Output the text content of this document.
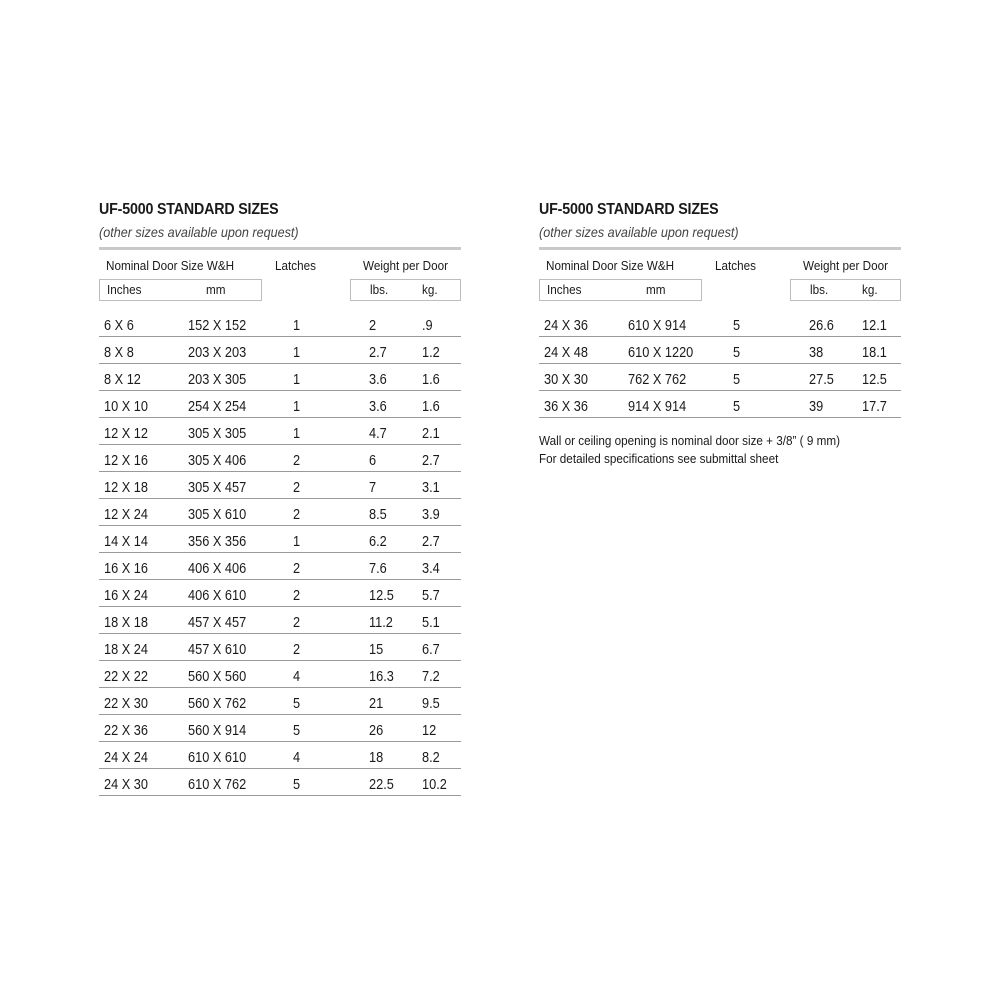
UF-5000 STANDARD SIZES
(other sizes available upon request)
Nominal Door Size W&H	Latches	Weight per Door
Inches	mm	lbs.	kg.
6 X 6	152 X 152	1	2	.9
8 X 8	203 X 203	1	2.7 1.2
8 X 12	203 X 305	1	3.6 1.6
10 X 10	254 X 254	1	3.6 1.6
12 X 12	305 X 305	1	4.7 2.1
12 X 16	305 X 406	2	6	2.7
12 X 18	305 X 457	2	7	3.1
12 X 24	305 X 610	2	8.5 3.9
14 X 14	356 X 356	1	6.2 2.7
16 X 16	406 X 406	2	7.6 3.4
16 X 24	406 X 610	2	12.5 5.7
18 X 18	457 X 457	2	11.2 5.1
18 X 24	457 X 610	2	15	6.7
22 X 22	560 X 560	4	16.3 7.2
22 X 30	560 X 762	5	21	9.5
22 X 36	560 X 914	5	26	12
24 X 24	610 X 610	4	18	8.2
24 X 30	610 X 762	5	22.5 10.2
UF-5000 STANDARD SIZES
(other sizes available upon request)
Nominal Door Size W&H	Latches	Weight per Door
Inches	mm	lbs.	kg.
24 X 36	610 X 914	5	26.6 12.1
24 X 48	610 X 1220	5	38	18.1
30 X 30	762 X 762	5	27.5 12.5
36 X 36	914 X 914	5	39	17.7
Wall or ceiling opening is nominal door size + 3/8” ( 9 mm)
For detailed specifications see submittal sheet
